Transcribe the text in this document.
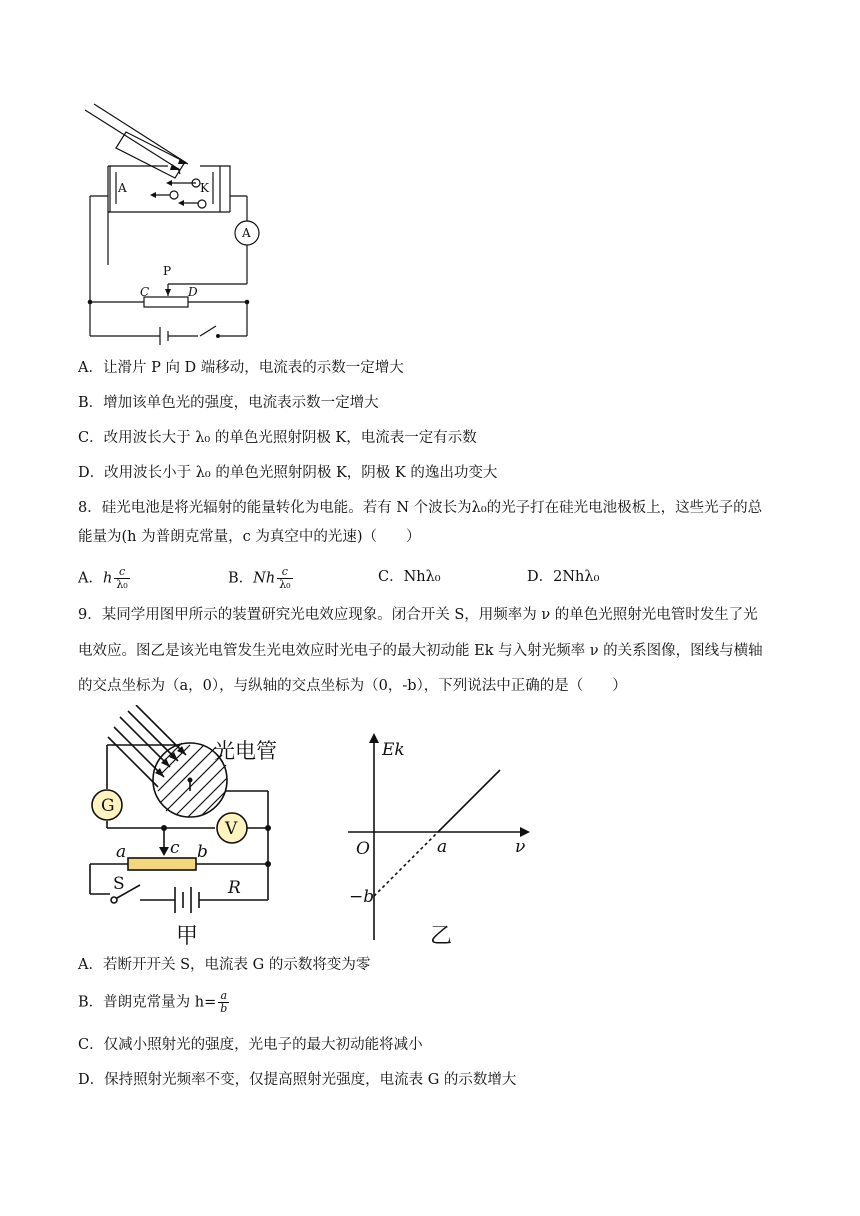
A	K
A
P
C	D
A．让滑片 P 向 D 端移动，电流表的示数一定增大
B．增加该单色光的强度，电流表示数一定增大
C．改用波长大于 λ₀ 的单色光照射阴极 K，电流表一定有示数
D．改用波长小于 λ₀ 的单色光照射阴极 K，阴极 K 的逸出功变大
8．硅光电池是将光辐射的能量转化为电能。若有 N 个波长为λ₀的光子打在硅光电池极板上，这些光子的总
能量为(h 为普朗克常量，c 为真空中的光速)（　　）
A．h $\frac{c}{\text{λ₀}}$	B．Nh $\frac{c}{\text{λ₀}}$	C．Nhλ₀	D．2Nhλ₀
9．某同学用图甲所示的装置研究光电效应现象。闭合开关 S，用频率为 ν 的单色光照射光电管时发生了光
电效应。图乙是该光电管发生光电效应时光电子的最大初动能 Ek 与入射光频率 ν 的关系图像，图线与横轴
的交点坐标为（a，0），与纵轴的交点坐标为（0，-b），下列说法中正确的是（　　）
G
V
a	c b
S	R
光电管
甲
Ek
ν
O	a
−b
乙
A．若断开开关 S，电流表 G 的示数将变为零
B．普朗克常量为 $h= \frac{a}{b}$
C．仅减小照射光的强度，光电子的最大初动能将减小
D．保持照射光频率不变，仅提高照射光强度，电流表 G 的示数增大
